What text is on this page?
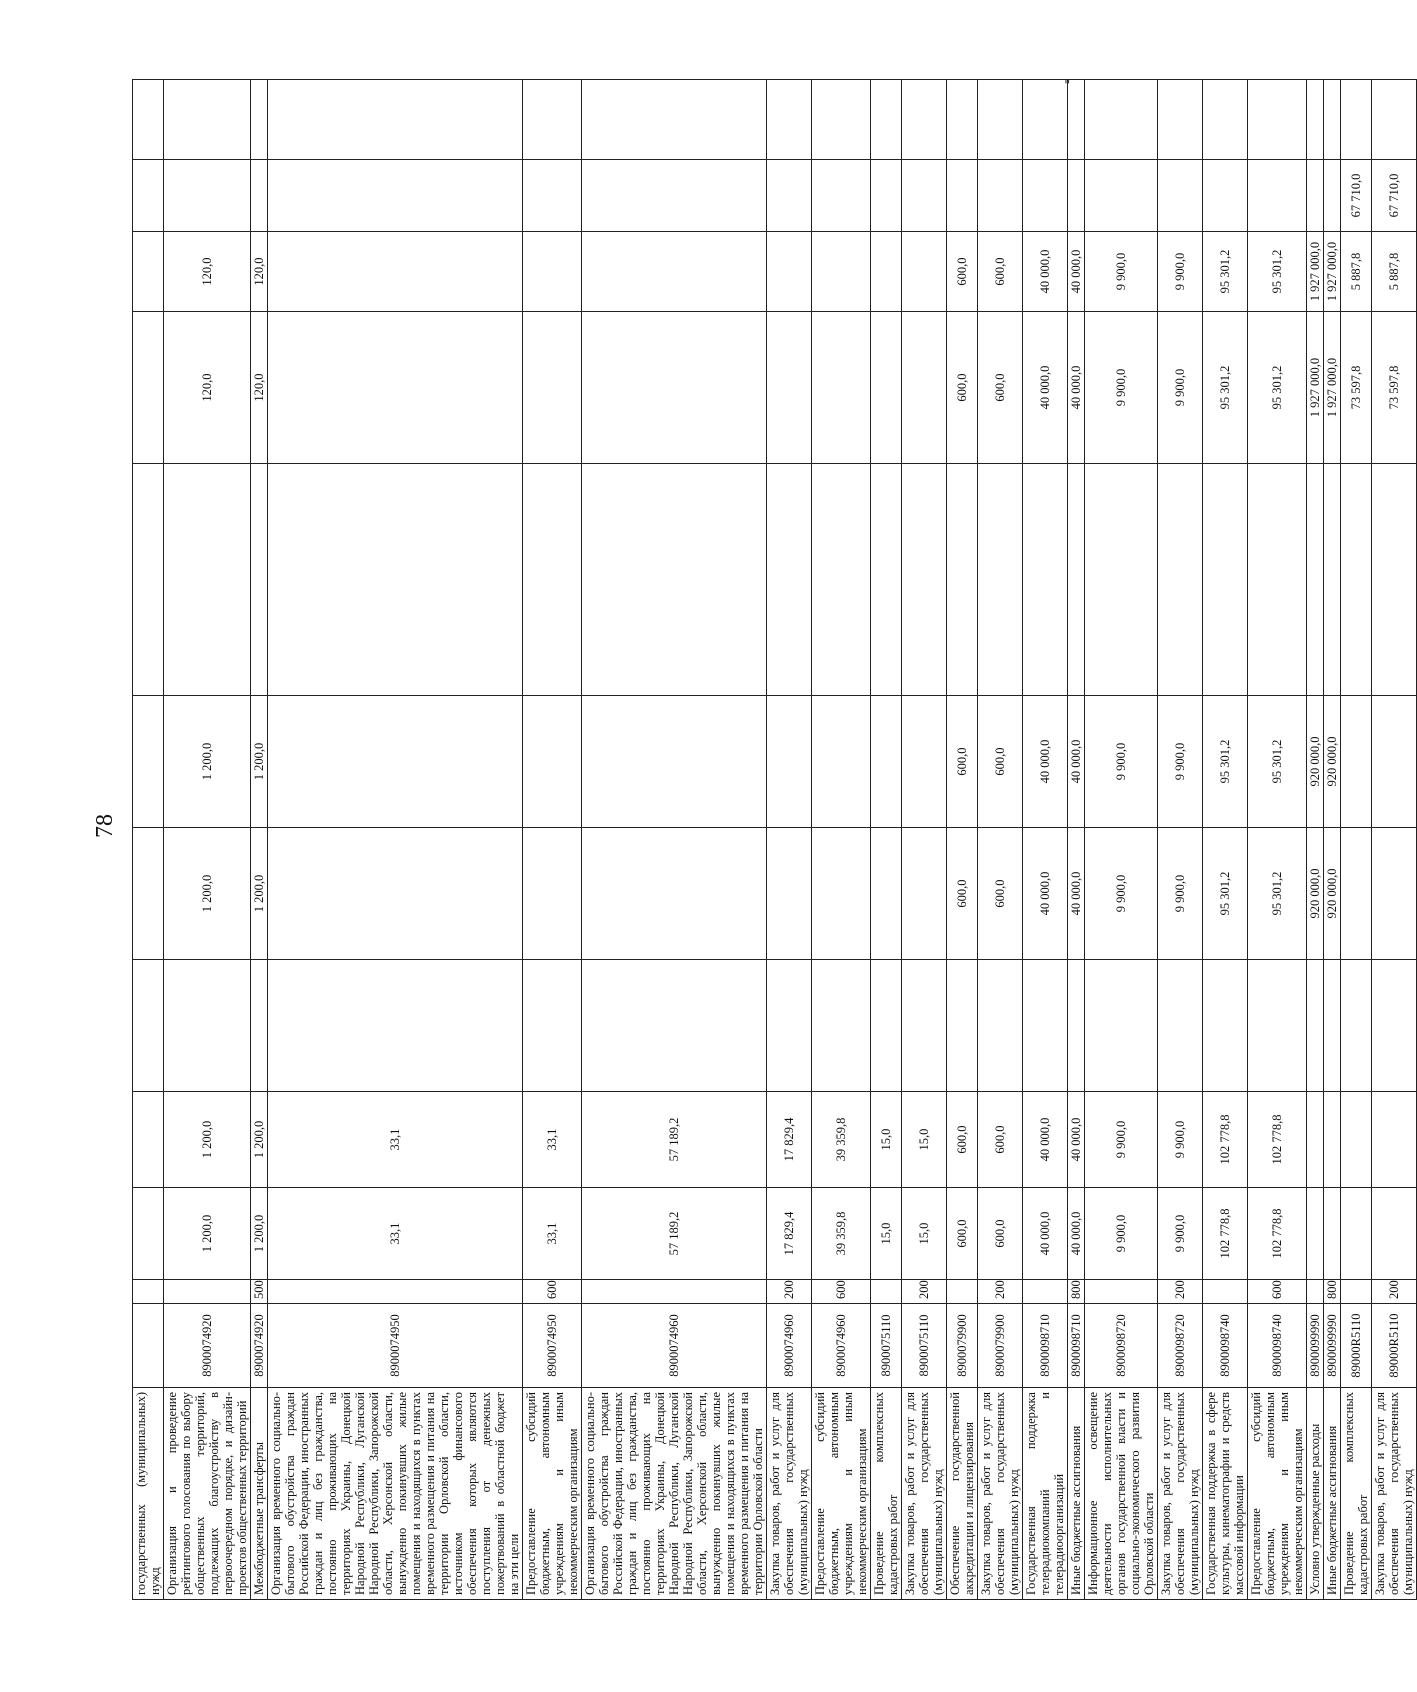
78
"
государственных (муниципальных) нужд												
Организация и проведение рейтингового голосования по выбору общественных территорий, подлежащих благоустройству в первоочередном порядке, и дизайн-проектов общественных территорий	8900074920		1 200,0	1 200,0		1 200,0	1 200,0		120,0	120,0		
Межбюджетные трансферты	8900074920	500	1 200,0	1 200,0		1 200,0	1 200,0		120,0	120,0		
Организация временного социально-бытового обустройства граждан Российской Федерации, иностранных граждан и лиц без гражданства, постоянно проживающих на территориях Украины, Донецкой Народной Республики, Луганской Народной Республики, Запорожской области, Херсонской области, вынужденно покинувших жилые помещения и находящихся в пунктах временного размещения и питания на территории Орловской области, источником финансового обеспечения которых являются поступления от денежных пожертвований в областной бюджет на эти цели	8900074950		33,1	33,1								
Предоставление субсидий бюджетным, автономным учреждениям и иным некоммерческим организациям	8900074950	600	33,1	33,1								
Организация временного социально-бытового обустройства граждан Российской Федерации, иностранных граждан и лиц без гражданства, постоянно проживающих на территориях Украины, Донецкой Народной Республики, Луганской Народной Республики, Запорожской области, Херсонской области, вынужденно покинувших жилые помещения и находящихся в пунктах временного размещения и питания на территории Орловской области	8900074960		57 189,2	57 189,2								
Закупка товаров, работ и услуг для обеспечения государственных (муниципальных) нужд	8900074960	200	17 829,4	17 829,4								
Предоставление субсидий бюджетным, автономным учреждениям и иным некоммерческим организациям	8900074960	600	39 359,8	39 359,8								
Проведение комплексных кадастровых работ	8900075110		15,0	15,0								
Закупка товаров, работ и услуг для обеспечения государственных (муниципальных) нужд	8900075110	200	15,0	15,0								
Обеспечение государственной аккредитации и лицензирования	8900079900		600,0	600,0		600,0	600,0		600,0	600,0		
Закупка товаров, работ и услуг для обеспечения государственных (муниципальных) нужд	8900079900	200	600,0	600,0		600,0	600,0		600,0	600,0		
Государственная поддержка телерадиокомпаний и телерадиоорганизаций	8900098710		40 000,0	40 000,0		40 000,0	40 000,0		40 000,0	40 000,0		
Иные бюджетные ассигнования	8900098710	800	40 000,0	40 000,0		40 000,0	40 000,0		40 000,0	40 000,0		
Информационное освещение деятельности исполнительных органов государственной власти и социально-экономического развития Орловской области	8900098720		9 900,0	9 900,0		9 900,0	9 900,0		9 900,0	9 900,0		
Закупка товаров, работ и услуг для обеспечения государственных (муниципальных) нужд	8900098720	200	9 900,0	9 900,0		9 900,0	9 900,0		9 900,0	9 900,0		
Государственная поддержка в сфере культуры, кинематографии и средств массовой информации	8900098740		102 778,8	102 778,8		95 301,2	95 301,2		95 301,2	95 301,2		
Предоставление субсидий бюджетным, автономным учреждениям и иным некоммерческим организациям	8900098740	600	102 778,8	102 778,8		95 301,2	95 301,2		95 301,2	95 301,2		
Условно утвержденные расходы	8900099990					920 000,0	920 000,0		1 927 000,0	1 927 000,0		
Иные бюджетные ассигнования	8900099990	800				920 000,0	920 000,0		1 927 000,0	1 927 000,0		
Проведение комплексных кадастровых работ	89000R5110								73 597,8	5 887,8	67 710,0	
Закупка товаров, работ и услуг для обеспечения государственных (муниципальных) нужд	89000R5110	200							73 597,8	5 887,8	67 710,0	
